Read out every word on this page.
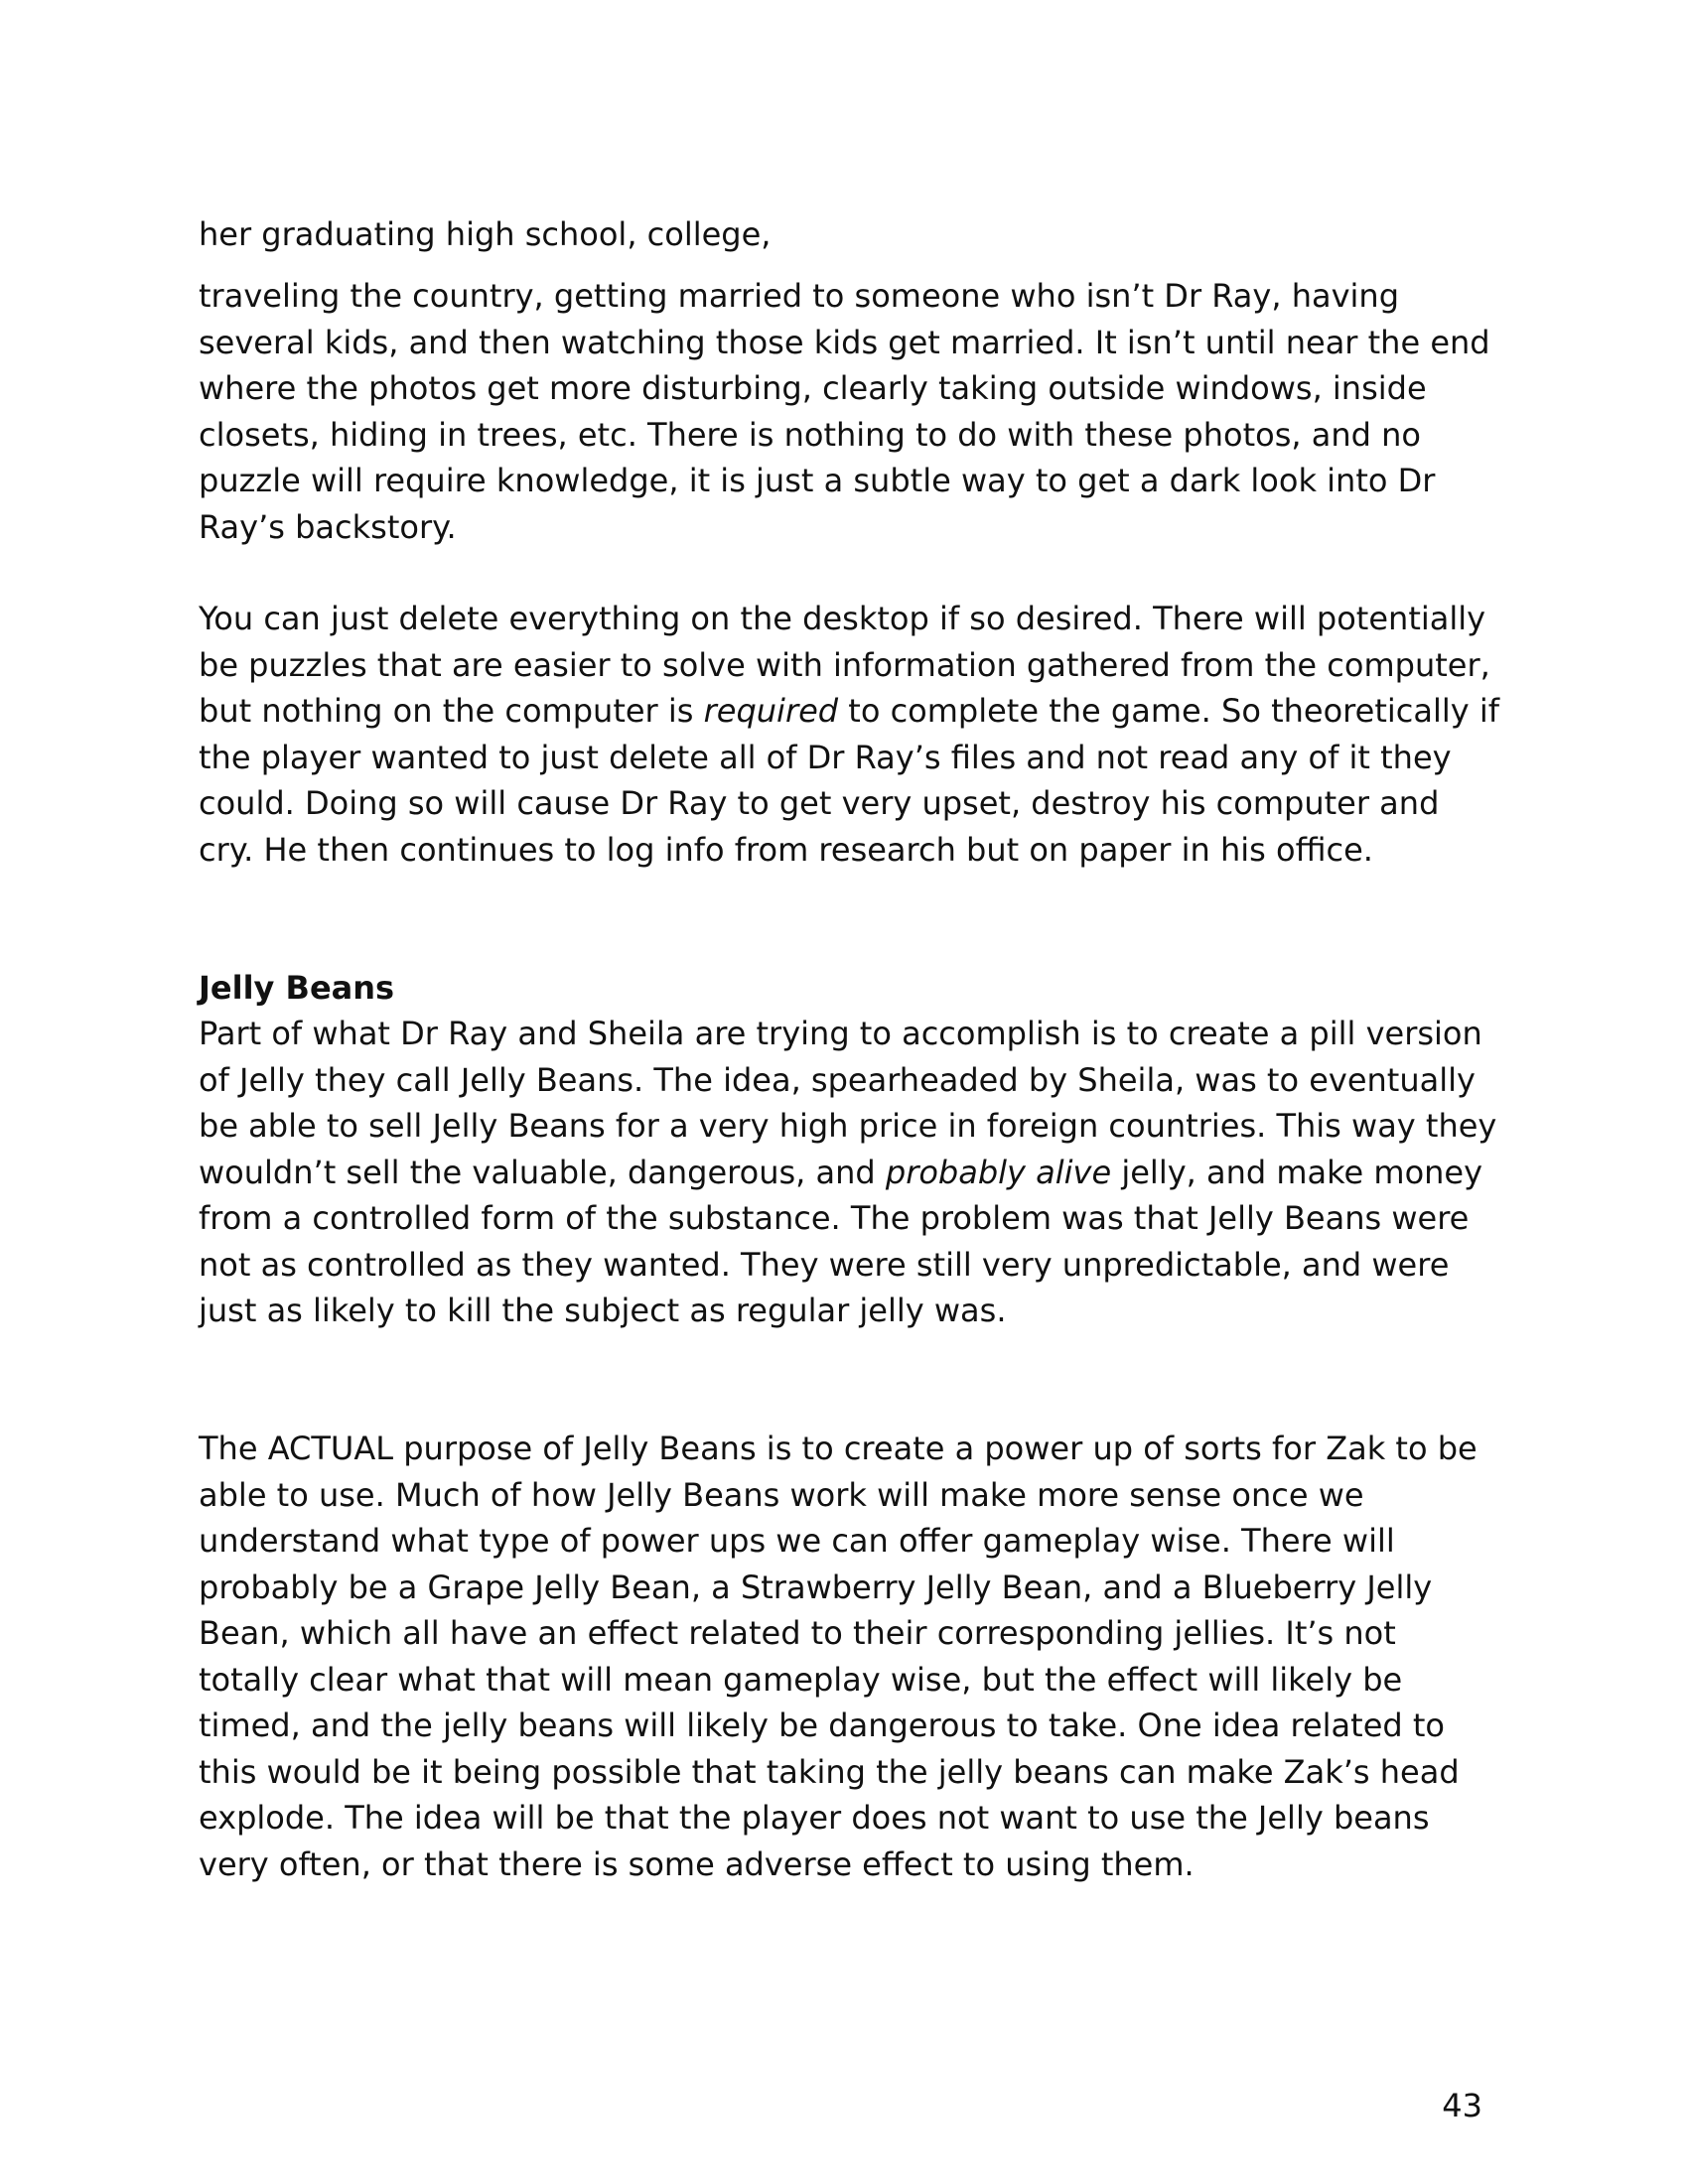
her graduating high school, college,

traveling the country, getting married to someone who isn’t Dr Ray, having several kids, and then watching those kids get married. It isn’t until near the end where the photos get more disturbing, clearly taking outside windows, inside closets, hiding in trees, etc. There is nothing to do with these photos, and no puzzle will require knowledge, it is just a subtle way to get a dark look into Dr Ray’s backstory.

You can just delete everything on the desktop if so desired. There will potentially be puzzles that are easier to solve with information gathered from the computer, but nothing on the computer is required to complete the game. So theoretically if the player wanted to just delete all of Dr Ray’s files and not read any of it they could. Doing so will cause Dr Ray to get very upset, destroy his computer and cry. He then continues to log info from research but on paper in his office.

Jelly Beans

Part of what Dr Ray and Sheila are trying to accomplish is to create a pill version of Jelly they call Jelly Beans. The idea, spearheaded by Sheila, was to eventually be able to sell Jelly Beans for a very high price in foreign countries. This way they wouldn’t sell the valuable, dangerous, and probably alive jelly, and make money from a controlled form of the substance. The problem was that Jelly Beans were not as controlled as they wanted. They were still very unpredictable, and were just as likely to kill the subject as regular jelly was.

The ACTUAL purpose of Jelly Beans is to create a power up of sorts for Zak to be able to use. Much of how Jelly Beans work will make more sense once we understand what type of power ups we can offer gameplay wise. There will probably be a Grape Jelly Bean, a Strawberry Jelly Bean, and a Blueberry Jelly Bean, which all have an effect related to their corresponding jellies. It’s not totally clear what that will mean gameplay wise, but the effect will likely be timed, and the jelly beans will likely be dangerous to take. One idea related to this would be it being possible that taking the jelly beans can make Zak’s head explode. The idea will be that the player does not want to use the Jelly beans very often, or that there is some adverse effect to using them.

43
